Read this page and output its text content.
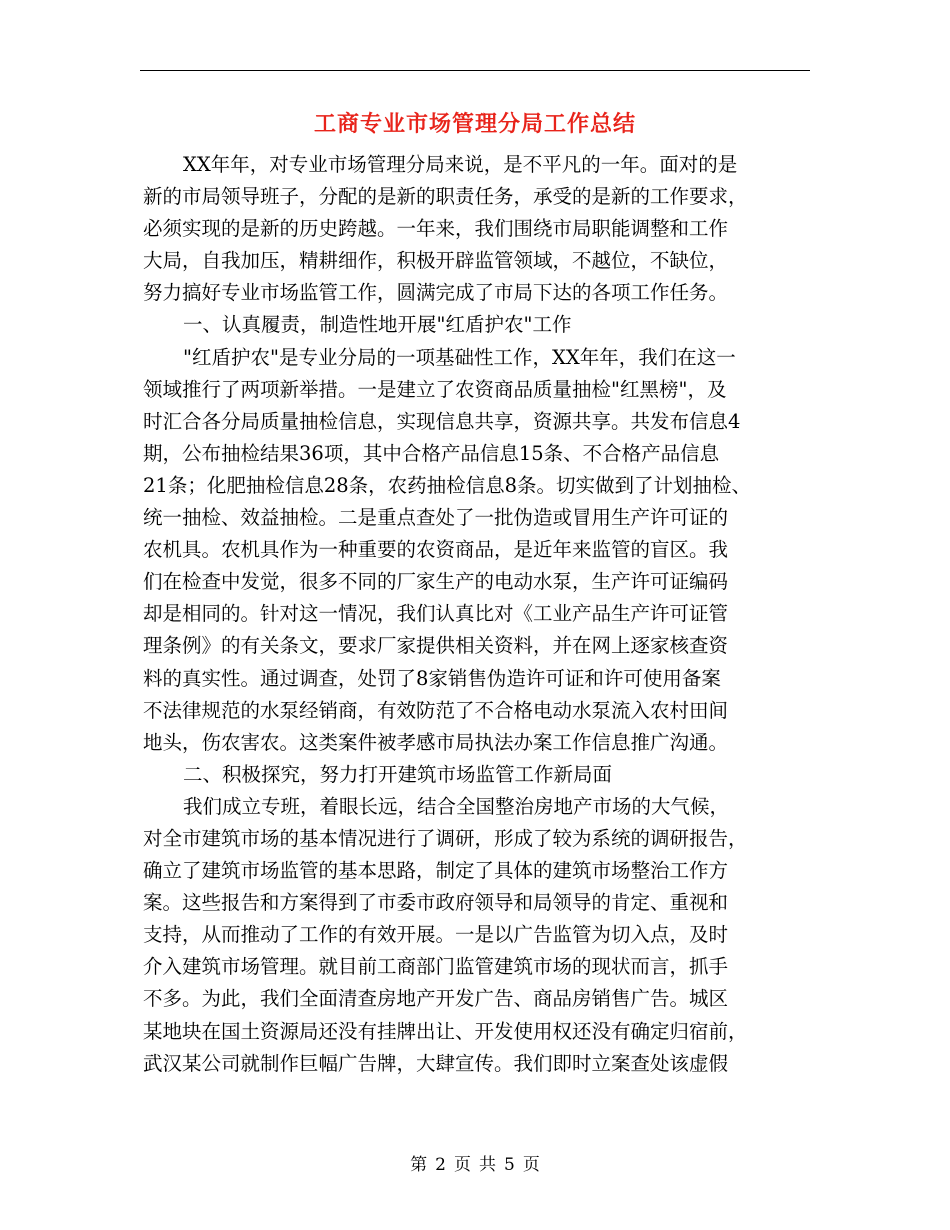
工商专业市场管理分局工作总结
XX年年，对专业市场管理分局来说，是不平凡的一年。面对的是
新的市局领导班子，分配的是新的职责任务，承受的是新的工作要求，
必须实现的是新的历史跨越。一年来，我们围绕市局职能调整和工作
大局，自我加压，精耕细作，积极开辟监管领域，不越位，不缺位，
努力搞好专业市场监管工作，圆满完成了市局下达的各项工作任务。
一、认真履责，制造性地开展"红盾护农"工作
"红盾护农"是专业分局的一项基础性工作，XX年年，我们在这一
领域推行了两项新举措。一是建立了农资商品质量抽检"红黑榜"，及
时汇合各分局质量抽检信息，实现信息共享，资源共享。共发布信息4
期，公布抽检结果36项，其中合格产品信息15条、不合格产品信息
21条；化肥抽检信息28条，农药抽检信息8条。切实做到了计划抽检、
统一抽检、效益抽检。二是重点查处了一批伪造或冒用生产许可证的
农机具。农机具作为一种重要的农资商品，是近年来监管的盲区。我
们在检查中发觉，很多不同的厂家生产的电动水泵，生产许可证编码
却是相同的。针对这一情况，我们认真比对《工业产品生产许可证管
理条例》的有关条文，要求厂家提供相关资料，并在网上逐家核查资
料的真实性。通过调查，处罚了8家销售伪造许可证和许可使用备案
不法律规范的水泵经销商，有效防范了不合格电动水泵流入农村田间
地头，伤农害农。这类案件被孝感市局执法办案工作信息推广沟通。
二、积极探究，努力打开建筑市场监管工作新局面
我们成立专班，着眼长远，结合全国整治房地产市场的大气候，
对全市建筑市场的基本情况进行了调研，形成了较为系统的调研报告，
确立了建筑市场监管的基本思路，制定了具体的建筑市场整治工作方
案。这些报告和方案得到了市委市政府领导和局领导的肯定、重视和
支持，从而推动了工作的有效开展。一是以广告监管为切入点，及时
介入建筑市场管理。就目前工商部门监管建筑市场的现状而言，抓手
不多。为此，我们全面清查房地产开发广告、商品房销售广告。城区
某地块在国土资源局还没有挂牌出让、开发使用权还没有确定归宿前，
武汉某公司就制作巨幅广告牌，大肆宣传。我们即时立案查处该虚假
第 2 页 共 5 页
